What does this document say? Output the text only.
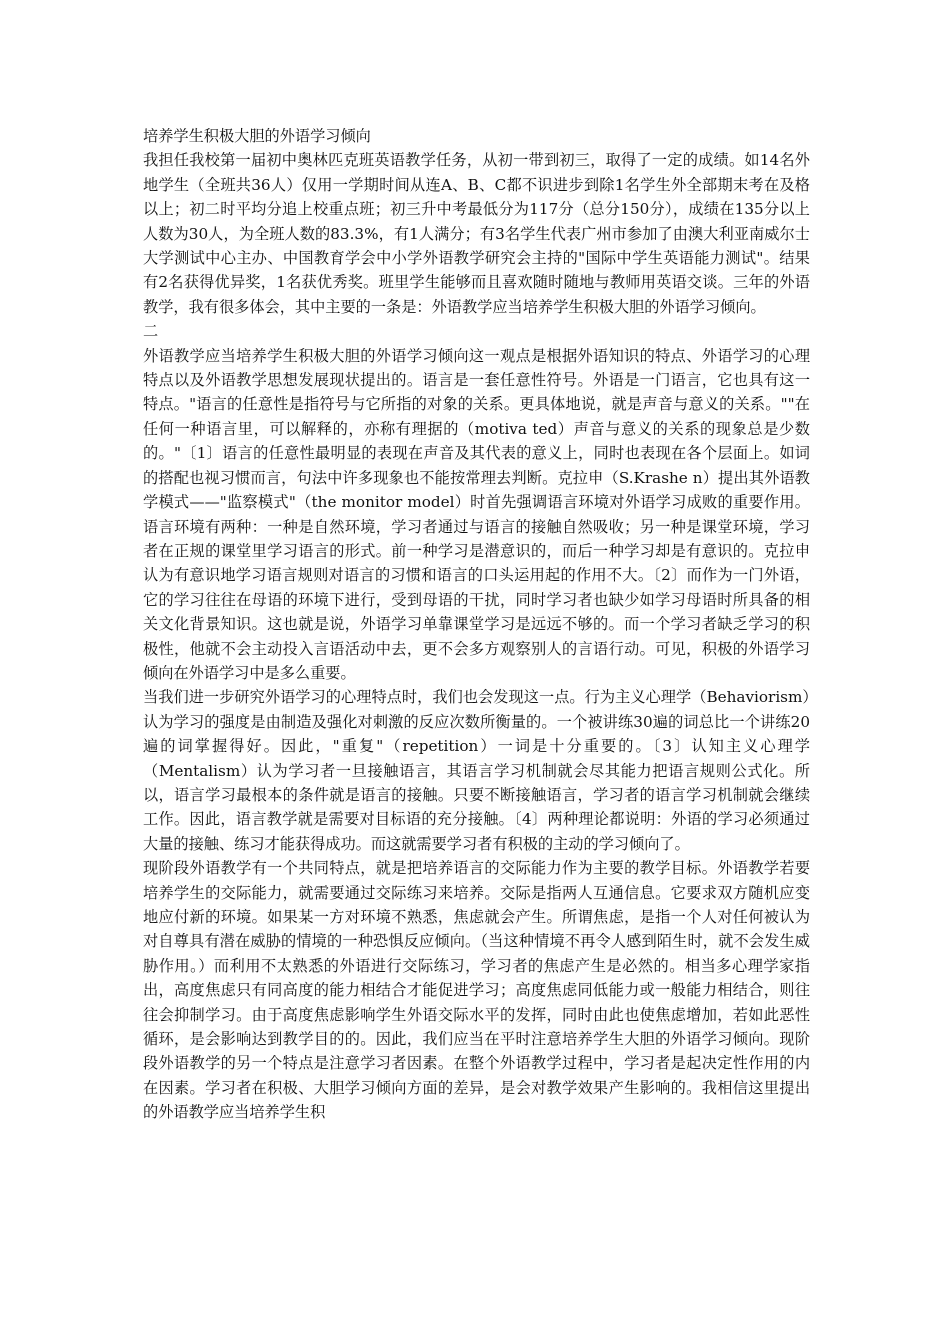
培养学生积极大胆的外语学习倾向

我担任我校第一届初中奥林匹克班英语教学任务，从初一带到初三，取得了一定的成绩。如14名外地学生（全班共36人）仅用一学期时间从连A、B、C都不识进步到除1名学生外全部期末考在及格以上；初二时平均分追上校重点班；初三升中考最低分为117分（总分150分），成绩在135分以上人数为30人，为全班人数的83.3%，有1人满分；有3名学生代表广州市参加了由澳大利亚南威尔士大学测试中心主办、中国教育学会中小学外语教学研究会主持的"国际中学生英语能力测试"。结果有2名获得优异奖，1名获优秀奖。班里学生能够而且喜欢随时随地与教师用英语交谈。三年的外语教学，我有很多体会，其中主要的一条是：外语教学应当培养学生积极大胆的外语学习倾向。

二

外语教学应当培养学生积极大胆的外语学习倾向这一观点是根据外语知识的特点、外语学习的心理特点以及外语教学思想发展现状提出的。语言是一套任意性符号。外语是一门语言，它也具有这一特点。"语言的任意性是指符号与它所指的对象的关系。更具体地说，就是声音与意义的关系。""在任何一种语言里，可以解释的，亦称有理据的（motiva ted）声音与意义的关系的现象总是少数的。"〔1〕语言的任意性最明显的表现在声音及其代表的意义上，同时也表现在各个层面上。如词的搭配也视习惯而言，句法中许多现象也不能按常理去判断。克拉申（S.Krashe n）提出其外语教学模式——"监察模式"（the monitor model）时首先强调语言环境对外语学习成败的重要作用。语言环境有两种：一种是自然环境，学习者通过与语言的接触自然吸收；另一种是课堂环境，学习者在正规的课堂里学习语言的形式。前一种学习是潜意识的，而后一种学习却是有意识的。克拉申认为有意识地学习语言规则对语言的习惯和语言的口头运用起的作用不大。〔2〕而作为一门外语，它的学习往往在母语的环境下进行，受到母语的干扰，同时学习者也缺少如学习母语时所具备的相关文化背景知识。这也就是说，外语学习单靠课堂学习是远远不够的。而一个学习者缺乏学习的积极性，他就不会主动投入言语活动中去，更不会多方观察别人的言语行动。可见，积极的外语学习倾向在外语学习中是多么重要。

当我们进一步研究外语学习的心理特点时，我们也会发现这一点。行为主义心理学（Behaviorism）认为学习的强度是由制造及强化对刺激的反应次数所衡量的。一个被讲练30遍的词总比一个讲练20遍的词掌握得好。因此，"重复"（repetition）一词是十分重要的。〔3〕认知主义心理学（Mentalism）认为学习者一旦接触语言，其语言学习机制就会尽其能力把语言规则公式化。所以，语言学习最根本的条件就是语言的接触。只要不断接触语言，学习者的语言学习机制就会继续工作。因此，语言教学就是需要对目标语的充分接触。〔4〕两种理论都说明：外语的学习必须通过大量的接触、练习才能获得成功。而这就需要学习者有积极的主动的学习倾向了。

现阶段外语教学有一个共同特点，就是把培养语言的交际能力作为主要的教学目标。外语教学若要培养学生的交际能力，就需要通过交际练习来培养。交际是指两人互通信息。它要求双方随机应变地应付新的环境。如果某一方对环境不熟悉，焦虑就会产生。所谓焦虑，是指一个人对任何被认为对自尊具有潜在威胁的情境的一种恐惧反应倾向。（当这种情境不再令人感到陌生时，就不会发生威胁作用。）而利用不太熟悉的外语进行交际练习，学习者的焦虑产生是必然的。相当多心理学家指出，高度焦虑只有同高度的能力相结合才能促进学习；高度焦虑同低能力或一般能力相结合，则往往会抑制学习。由于高度焦虑影响学生外语交际水平的发挥，同时由此也使焦虑增加，若如此恶性循环，是会影响达到教学目的的。因此，我们应当在平时注意培养学生大胆的外语学习倾向。现阶段外语教学的另一个特点是注意学习者因素。在整个外语教学过程中，学习者是起决定性作用的内在因素。学习者在积极、大胆学习倾向方面的差异，是会对教学效果产生影响的。我相信这里提出的外语教学应当培养学生积
